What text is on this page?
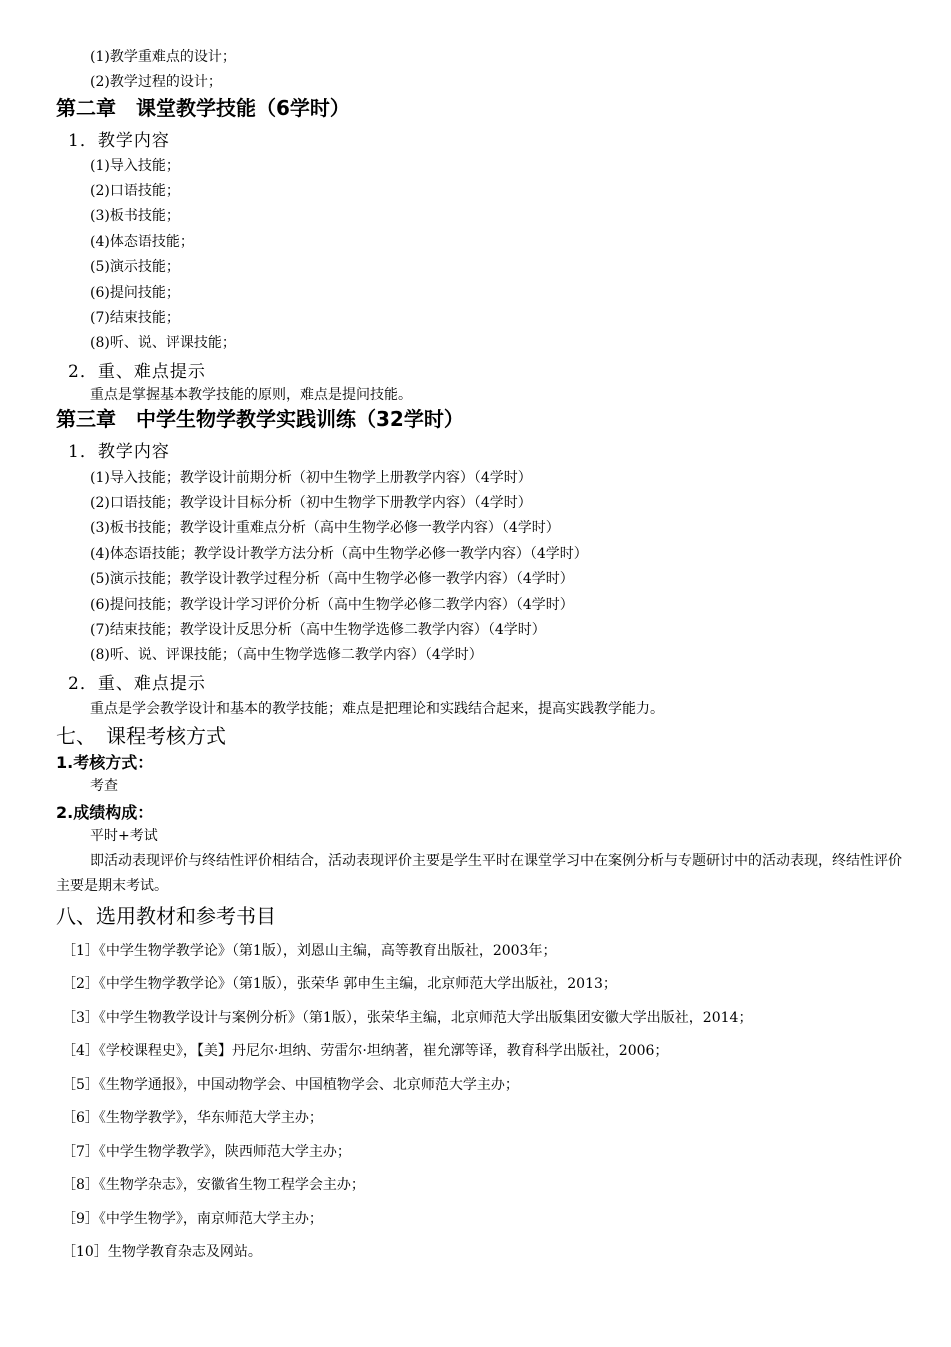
(1)教学重难点的设计；
(2)教学过程的设计；
第二章　课堂教学技能（6学时）
1．教学内容
(1)导入技能；
(2)口语技能；
(3)板书技能；
(4)体态语技能；
(5)演示技能；
(6)提问技能；
(7)结束技能；
(8)听、说、评课技能；
2．重、难点提示
重点是掌握基本教学技能的原则，难点是提问技能。
第三章　中学生物学教学实践训练（32学时）
1．教学内容
(1)导入技能；教学设计前期分析（初中生物学上册教学内容）（4学时）
(2)口语技能；教学设计目标分析（初中生物学下册教学内容）（4学时）
(3)板书技能；教学设计重难点分析（高中生物学必修一教学内容）（4学时）
(4)体态语技能；教学设计教学方法分析（高中生物学必修一教学内容）（4学时）
(5)演示技能；教学设计教学过程分析（高中生物学必修一教学内容）（4学时）
(6)提问技能；教学设计学习评价分析（高中生物学必修二教学内容）（4学时）
(7)结束技能；教学设计反思分析（高中生物学选修二教学内容）（4学时）
(8)听、说、评课技能；（高中生物学选修二教学内容）（4学时）
2．重、难点提示
重点是学会教学设计和基本的教学技能；难点是把理论和实践结合起来，提高实践教学能力。
七、　课程考核方式
1.考核方式：
考查
2.成绩构成：
平时+考试
即活动表现评价与终结性评价相结合，活动表现评价主要是学生平时在课堂学习中在案例分析与专题研讨中的活动表现，终结性评价主要是期末考试。
八、选用教材和参考书目
［1］《中学生物学教学论》（第1版），刘恩山主编，高等教育出版社，2003年；
［2］《中学生物学教学论》（第1版），张荣华 郭申生主编，北京师范大学出版社，2013；
［3］《中学生物教学设计与案例分析》（第1版），张荣华主编，北京师范大学出版集团安徽大学出版社，2014；
［4］《学校课程史》，【美】丹尼尔·坦纳、劳雷尔·坦纳著，崔允漷等译，教育科学出版社，2006；
［5］《生物学通报》，中国动物学会、中国植物学会、北京师范大学主办；
［6］《生物学教学》，华东师范大学主办；
［7］《中学生物学教学》，陕西师范大学主办；
［8］《生物学杂志》，安徽省生物工程学会主办；
［9］《中学生物学》，南京师范大学主办；
［10］生物学教育杂志及网站。
